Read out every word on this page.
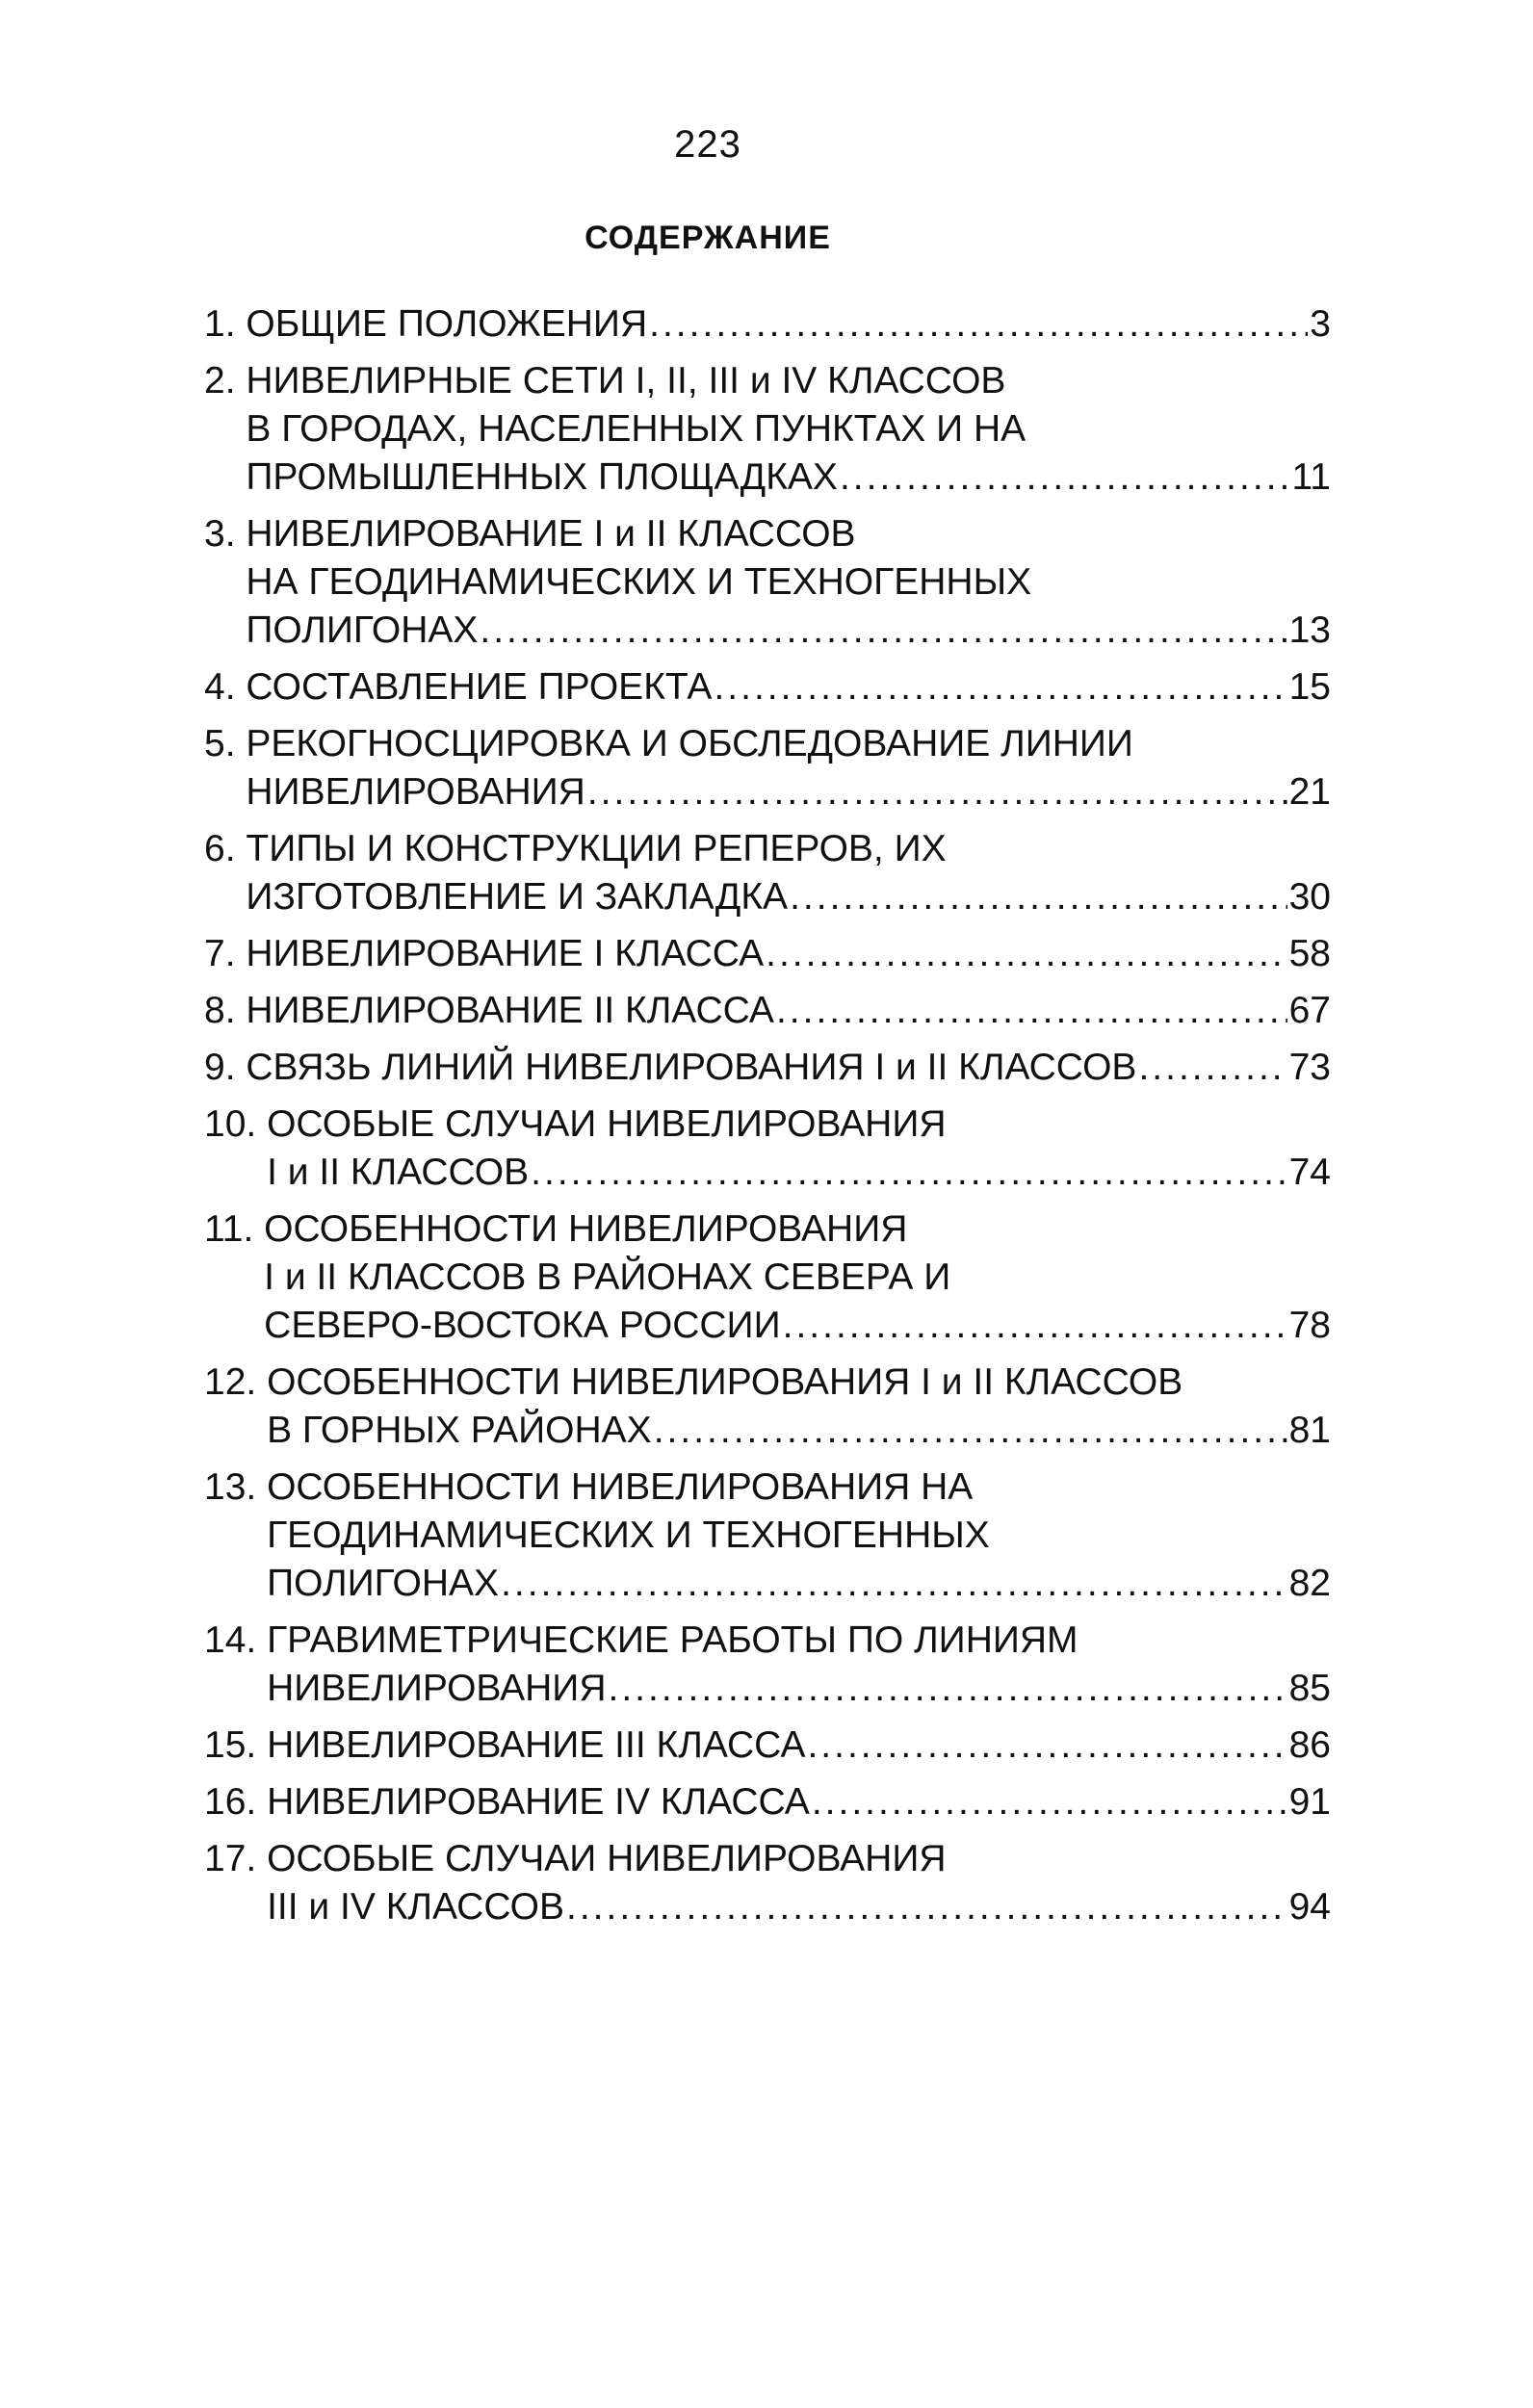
223
СОДЕРЖАНИЕ
1. ОБЩИЕ ПОЛОЖЕНИЯ .....	3
2. НИВЕЛИРНЫЕ СЕТИ I, II, III и IV КЛАССОВ
В ГОРОДАХ, НАСЕЛЕННЫХ ПУНКТАХ И НА
ПРОМЫШЛЕННЫХ ПЛОЩАДКАХ .....	11
3. НИВЕЛИРОВАНИЕ I и II КЛАССОВ
НА ГЕОДИНАМИЧЕСКИХ И ТЕХНОГЕННЫХ
ПОЛИГОНАХ .....	13
4. СОСТАВЛЕНИЕ ПРОЕКТА .....	15
5. РЕКОГНОСЦИРОВКА И ОБСЛЕДОВАНИЕ ЛИНИИ
НИВЕЛИРОВАНИЯ .....	21
6. ТИПЫ И КОНСТРУКЦИИ РЕПЕРОВ, ИХ
ИЗГОТОВЛЕНИЕ И ЗАКЛАДКА .....	30
7. НИВЕЛИРОВАНИЕ I КЛАССА .....	58
8. НИВЕЛИРОВАНИЕ II КЛАССА .....	67
9. СВЯЗЬ ЛИНИЙ НИВЕЛИРОВАНИЯ I и II КЛАССОВ .....	73
10. ОСОБЫЕ СЛУЧАИ НИВЕЛИРОВАНИЯ
I и II КЛАССОВ .....	74
11. ОСОБЕННОСТИ НИВЕЛИРОВАНИЯ
I и II КЛАССОВ В РАЙОНАХ СЕВЕРА И
СЕВЕРО-ВОСТОКА РОССИИ .....	78
12. ОСОБЕННОСТИ НИВЕЛИРОВАНИЯ I и II КЛАССОВ
В ГОРНЫХ РАЙОНАХ .....	81
13. ОСОБЕННОСТИ НИВЕЛИРОВАНИЯ НА
ГЕОДИНАМИЧЕСКИХ И ТЕХНОГЕННЫХ
ПОЛИГОНАХ .....	82
14. ГРАВИМЕТРИЧЕСКИЕ РАБОТЫ ПО ЛИНИЯМ
НИВЕЛИРОВАНИЯ .....	85
15. НИВЕЛИРОВАНИЕ III КЛАССА .....	86
16. НИВЕЛИРОВАНИЕ IV КЛАССА .....	91
17. ОСОБЫЕ СЛУЧАИ НИВЕЛИРОВАНИЯ
III и IV КЛАССОВ .....	94
